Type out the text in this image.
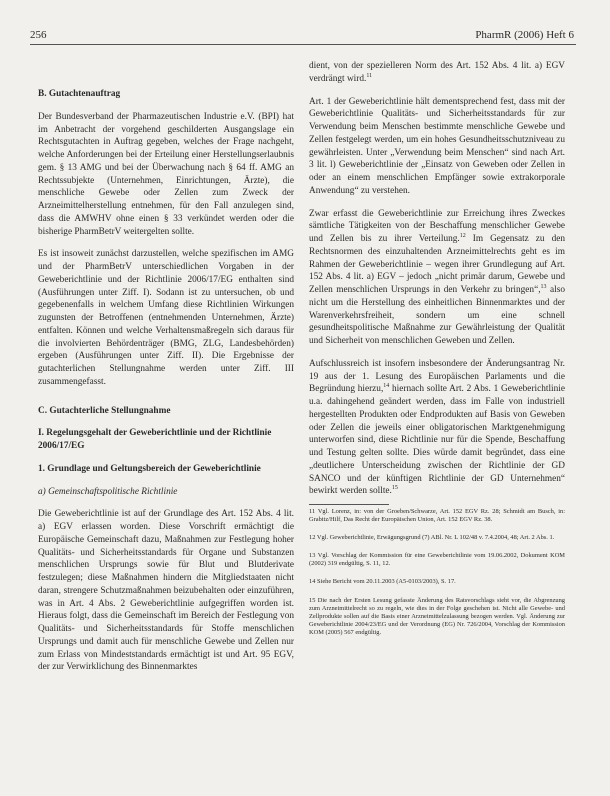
256	PharmR (2006) Heft 6

B. Gutachtenauftrag

Der Bundesverband der Pharmazeutischen Industrie e.V. (BPI) hat im Anbetracht der vorgehend geschilderten Ausgangslage ein Rechtsgutachten in Auftrag gegeben, welches der Frage nachgeht, welche Anforderungen bei der Erteilung einer Herstellungserlaubnis gem. § 13 AMG und bei der Überwachung nach § 64 ff. AMG an Rechtssubjekte (Unternehmen, Einrichtungen, Ärzte), die menschliche Gewebe oder Zellen zum Zweck der Arzneimittelherstellung entnehmen, für den Fall anzulegen sind, dass die AMWHV ohne einen § 33 verkündet werden oder die bisherige PharmBetrV weitergelten sollte.

Es ist insoweit zunächst darzustellen, welche spezifischen im AMG und der PharmBetrV unterschiedlichen Vorgaben in der Geweberichtlinie und der Richtlinie 2006/17/EG enthalten sind (Ausführungen unter Ziff. I). Sodann ist zu untersuchen, ob und gegebenenfalls in welchem Umfang diese Richtlinien Wirkungen zugunsten der Betroffenen (entnehmenden Unternehmen, Ärzte) entfalten. Können und welche Verhaltensmaßregeln sich daraus für die involvierten Behördenträger (BMG, ZLG, Landesbehörden) ergeben (Ausführungen unter Ziff. II). Die Ergebnisse der gutachterlichen Stellungnahme werden unter Ziff. III zusammengefasst.

C. Gutachterliche Stellungnahme

I. Regelungsgehalt der Geweberichtlinie und der Richtlinie 2006/17/EG

1. Grundlage und Geltungsbereich der Geweberichtlinie

a) Gemeinschaftspolitische Richtlinie

Die Geweberichtlinie ist auf der Grundlage des Art. 152 Abs. 4 lit. a) EGV erlassen worden. Diese Vorschrift ermächtigt die Europäische Gemeinschaft dazu, Maßnahmen zur Festlegung hoher Qualitäts- und Sicherheitsstandards für Organe und Substanzen menschlichen Ursprungs sowie für Blut und Blutderivate festzulegen; diese Maßnahmen hindern die Mitgliedstaaten nicht daran, strengere Schutzmaßnahmen beizubehalten oder einzuführen, was in Art. 4 Abs. 2 Geweberichtlinie aufgegriffen worden ist. Hieraus folgt, dass die Gemeinschaft im Bereich der Festlegung von Qualitäts- und Sicherheitsstandards für Stoffe menschlichen Ursprungs und damit auch für menschliche Gewebe und Zellen nur zum Erlass von Mindeststandards ermächtigt ist und Art. 95 EGV, der zur Verwirklichung des Binnenmarktes

dient, von der spezielleren Norm des Art. 152 Abs. 4 lit. a) EGV verdrängt wird.$^{11}$

Art. 1 der Geweberichtlinie hält dementsprechend fest, dass mit der Geweberichtlinie Qualitäts- und Sicherheitsstandards für zur Verwendung beim Menschen bestimmte menschliche Gewebe und Zellen festgelegt werden, um ein hohes Gesundheitsschutzniveau zu gewährleisten. Unter „Verwendung beim Menschen“ sind nach Art. 3 lit. l) Geweberichtlinie der „Einsatz von Geweben oder Zellen in oder an einem menschlichen Empfänger sowie extrakorporale Anwendung“ zu verstehen.

Zwar erfasst die Geweberichtlinie zur Erreichung ihres Zweckes sämtliche Tätigkeiten von der Beschaffung menschlicher Gewebe und Zellen bis zu ihrer Verteilung.$^{12}$ Im Gegensatz zu den Rechtsnormen des einzuhaltenden Arzneimittelrechts geht es im Rahmen der Geweberichtlinie – wegen ihrer Grundlegung auf Art. 152 Abs. 4 lit. a) EGV – jedoch „nicht primär darum, Gewebe und Zellen menschlichen Ursprungs in den Verkehr zu bringen“,$^{13}$ also nicht um die Herstellung des einheitlichen Binnenmarktes und der Warenverkehrsfreiheit, sondern um eine schnell gesundheitspolitische Maßnahme zur Gewährleistung der Qualität und Sicherheit von menschlichen Geweben und Zellen.

Aufschlussreich ist insofern insbesondere der Änderungsantrag Nr. 19 aus der 1. Lesung des Europäischen Parlaments und die Begründung hierzu,$^{14}$ hiernach sollte Art. 2 Abs. 1 Geweberichtlinie u.a. dahingehend geändert werden, dass im Falle von industriell hergestellten Produkten oder Endprodukten auf Basis von Geweben oder Zellen die jeweils einer obligatorischen Marktgenehmigung unterworfen sind, diese Richtlinie nur für die Spende, Beschaffung und Testung gelten sollte. Dies würde damit begründet, dass eine „deutlichere Unterscheidung zwischen der Richtlinie der GD SANCO und der künftigen Richtlinie der GD Unternehmen“ bewirkt werden sollte.$^{15}$

11 Vgl. Lorenz, in: von der Groeben/Schwarze, Art. 152 EGV Rz. 28; Schmidt am Busch, in: Grabitz/Hilf, Das Recht der Europäischen Union, Art. 152 EGV Rz. 38.

12 Vgl. Geweberichtlinie, Erwägungsgrund (7) ABl. Nr. L 102/48 v. 7.4.2004, 48; Art. 2 Abs. 1.

13 Vgl. Vorschlag der Kommission für eine Geweberichtlinie vom 19.06.2002, Dokument KOM (2002) 319 endgültig, S. 11, 12.

14 Siehe Bericht vom 20.11.2003 (A5-0103/2003), S. 17.

15 Die nach der Ersten Lesung gefasste Änderung des Ratsvorschlags sieht vor, die Abgrenzung zum Arzneimittelrecht so zu regeln, wie dies in der Folge geschehen ist. Nicht alle Gewebe- und Zellprodukte sollen auf die Basis einer Arzneimittelzulassung bezogen werden. Vgl. Änderung zur Geweberichtlinie 2004/23/EG und der Verordnung (EG) Nr. 726/2004, Vorschlag der Kommission KOM (2005) 567 endgültig.
